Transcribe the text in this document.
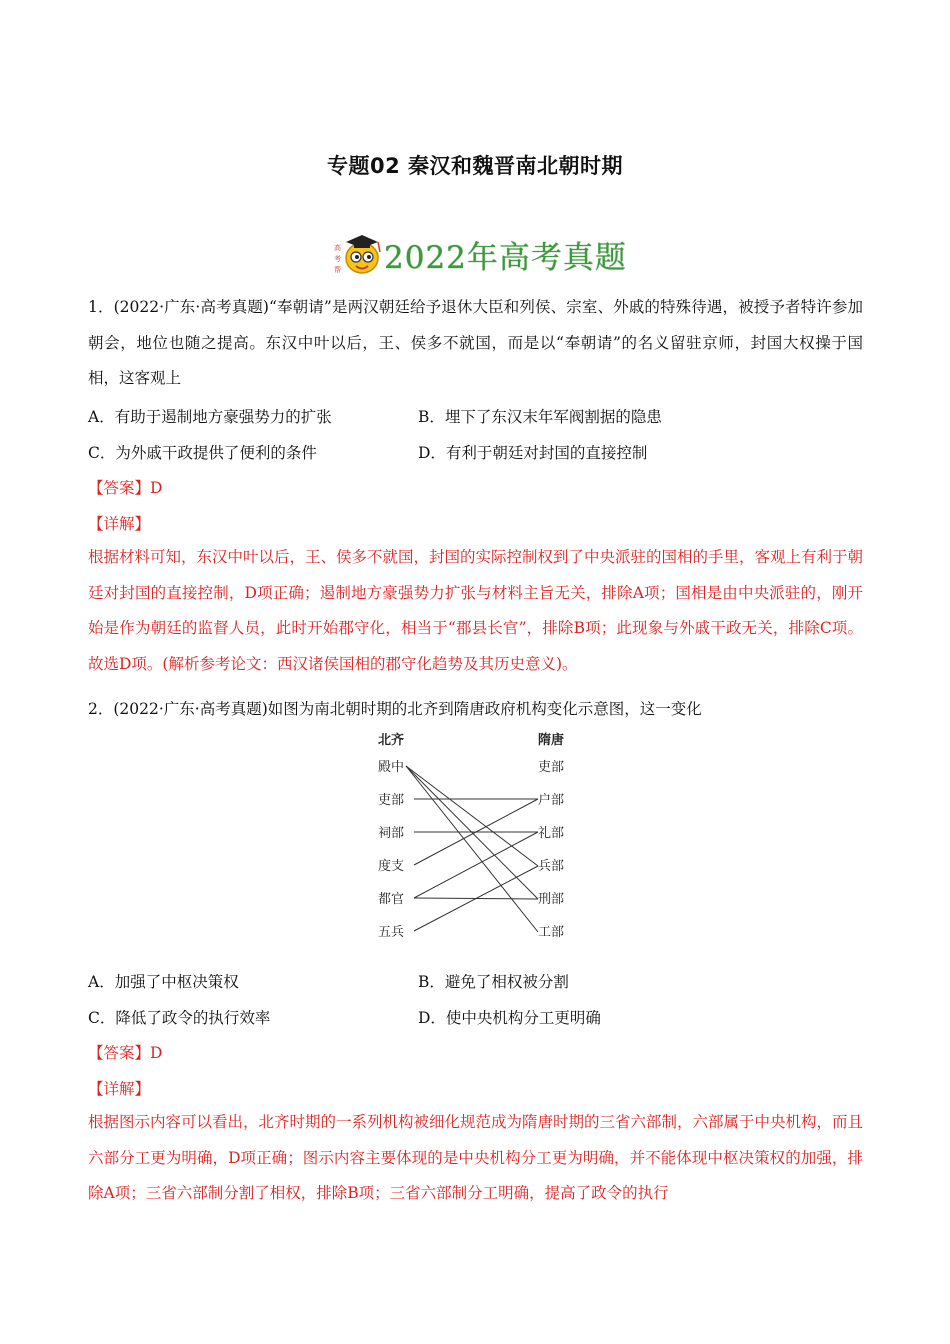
专题02 秦汉和魏晋南北朝时期
高
考
帮 2022年高考真题
1．(2022·广东·高考真题)“奉朝请”是两汉朝廷给予退休大臣和列侯、宗室、外戚的特殊待遇，被授予者特许参加朝会，地位也随之提高。东汉中叶以后，王、侯多不就国，而是以“奉朝请”的名义留驻京师，封国大权操于国相，这客观上
A．有助于遏制地方豪强势力的扩张	B．埋下了东汉末年军阀割据的隐患
C．为外戚干政提供了便利的条件	D．有利于朝廷对封国的直接控制
【答案】D
【详解】
根据材料可知，东汉中叶以后，王、侯多不就国，封国的实际控制权到了中央派驻的国相的手里，客观上有利于朝廷对封国的直接控制，D项正确；遏制地方豪强势力扩张与材料主旨无关，排除A项；国相是由中央派驻的，刚开始是作为朝廷的监督人员，此时开始郡守化，相当于“郡县长官”，排除B项；此现象与外戚干政无关，排除C项。故选D项。(解析参考论文：西汉诸侯国相的郡守化趋势及其历史意义)。
2．(2022·广东·高考真题)如图为南北朝时期的北齐到隋唐政府机构变化示意图，这一变化
北齐	隋唐
殿中
吏部
祠部
度支
都官
五兵
吏部
户部
礼部
兵部
刑部
工部
A．加强了中枢决策权	B．避免了相权被分割
C．降低了政令的执行效率	D．使中央机构分工更明确
【答案】D
【详解】
根据图示内容可以看出，北齐时期的一系列机构被细化规范成为隋唐时期的三省六部制，六部属于中央机构，而且六部分工更为明确，D项正确；图示内容主要体现的是中央机构分工更为明确，并不能体现中枢决策权的加强，排除A项；三省六部制分割了相权，排除B项；三省六部制分工明确，提高了政令的执行
